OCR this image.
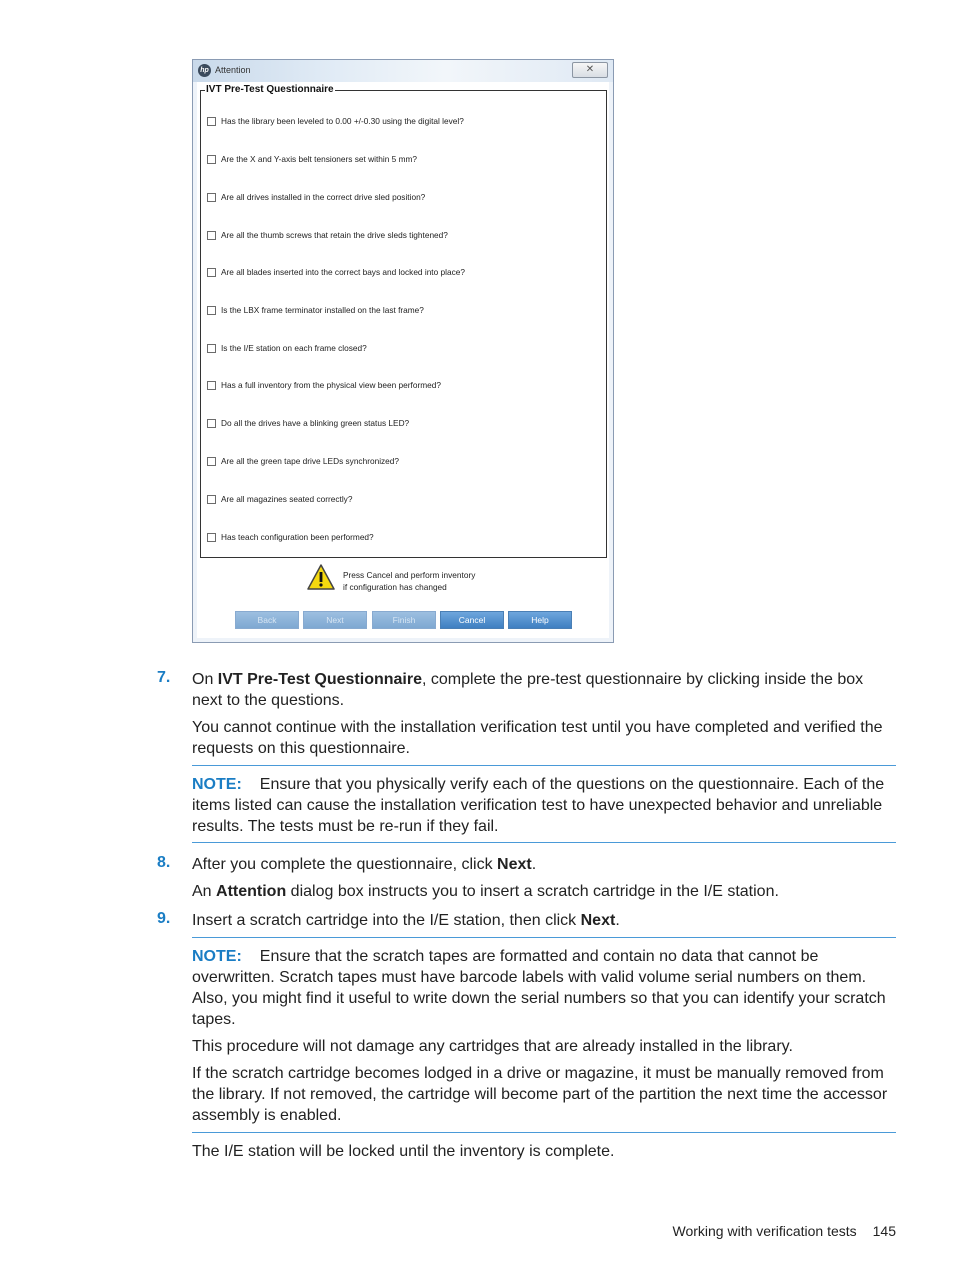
hp Attention	✕
IVT Pre-Test Questionnaire
Has the library been leveled to 0.00 +/-0.30 using the digital level?
Are the X and Y-axis belt tensioners set within 5 mm?
Are all drives installed in the correct drive sled position?
Are all the thumb screws that retain the drive sleds tightened?
Are all blades inserted into the correct bays and locked into place?
Is the LBX frame terminator installed on the last frame?
Is the I/E station on each frame closed?
Has a full inventory from the physical view been performed?
Do all the drives have a blinking green status LED?
Are all the green tape drive LEDs synchronized?
Are all magazines seated correctly?
Has teach configuration been performed?
Press Cancel and perform inventory
if configuration has changed
Back	Next	Finish	Cancel	Help
7. On IVT Pre-Test Questionnaire, complete the pre-test questionnaire by clicking inside the box next to the questions.
You cannot continue with the installation verification test until you have completed and verified the requests on this questionnaire.
NOTE: Ensure that you physically verify each of the questions on the questionnaire. Each of the items listed can cause the installation verification test to have unexpected behavior and unreliable results. The tests must be re-run if they fail.
8. After you complete the questionnaire, click Next.
An Attention dialog box instructs you to insert a scratch cartridge in the I/E station.
9. Insert a scratch cartridge into the I/E station, then click Next.
NOTE: Ensure that the scratch tapes are formatted and contain no data that cannot be overwritten. Scratch tapes must have barcode labels with valid volume serial numbers on them. Also, you might find it useful to write down the serial numbers so that you can identify your scratch tapes.
This procedure will not damage any cartridges that are already installed in the library.
If the scratch cartridge becomes lodged in a drive or magazine, it must be manually removed from the library. If not removed, the cartridge will become part of the partition the next time the accessor assembly is enabled.
The I/E station will be locked until the inventory is complete.
Working with verification tests 145
